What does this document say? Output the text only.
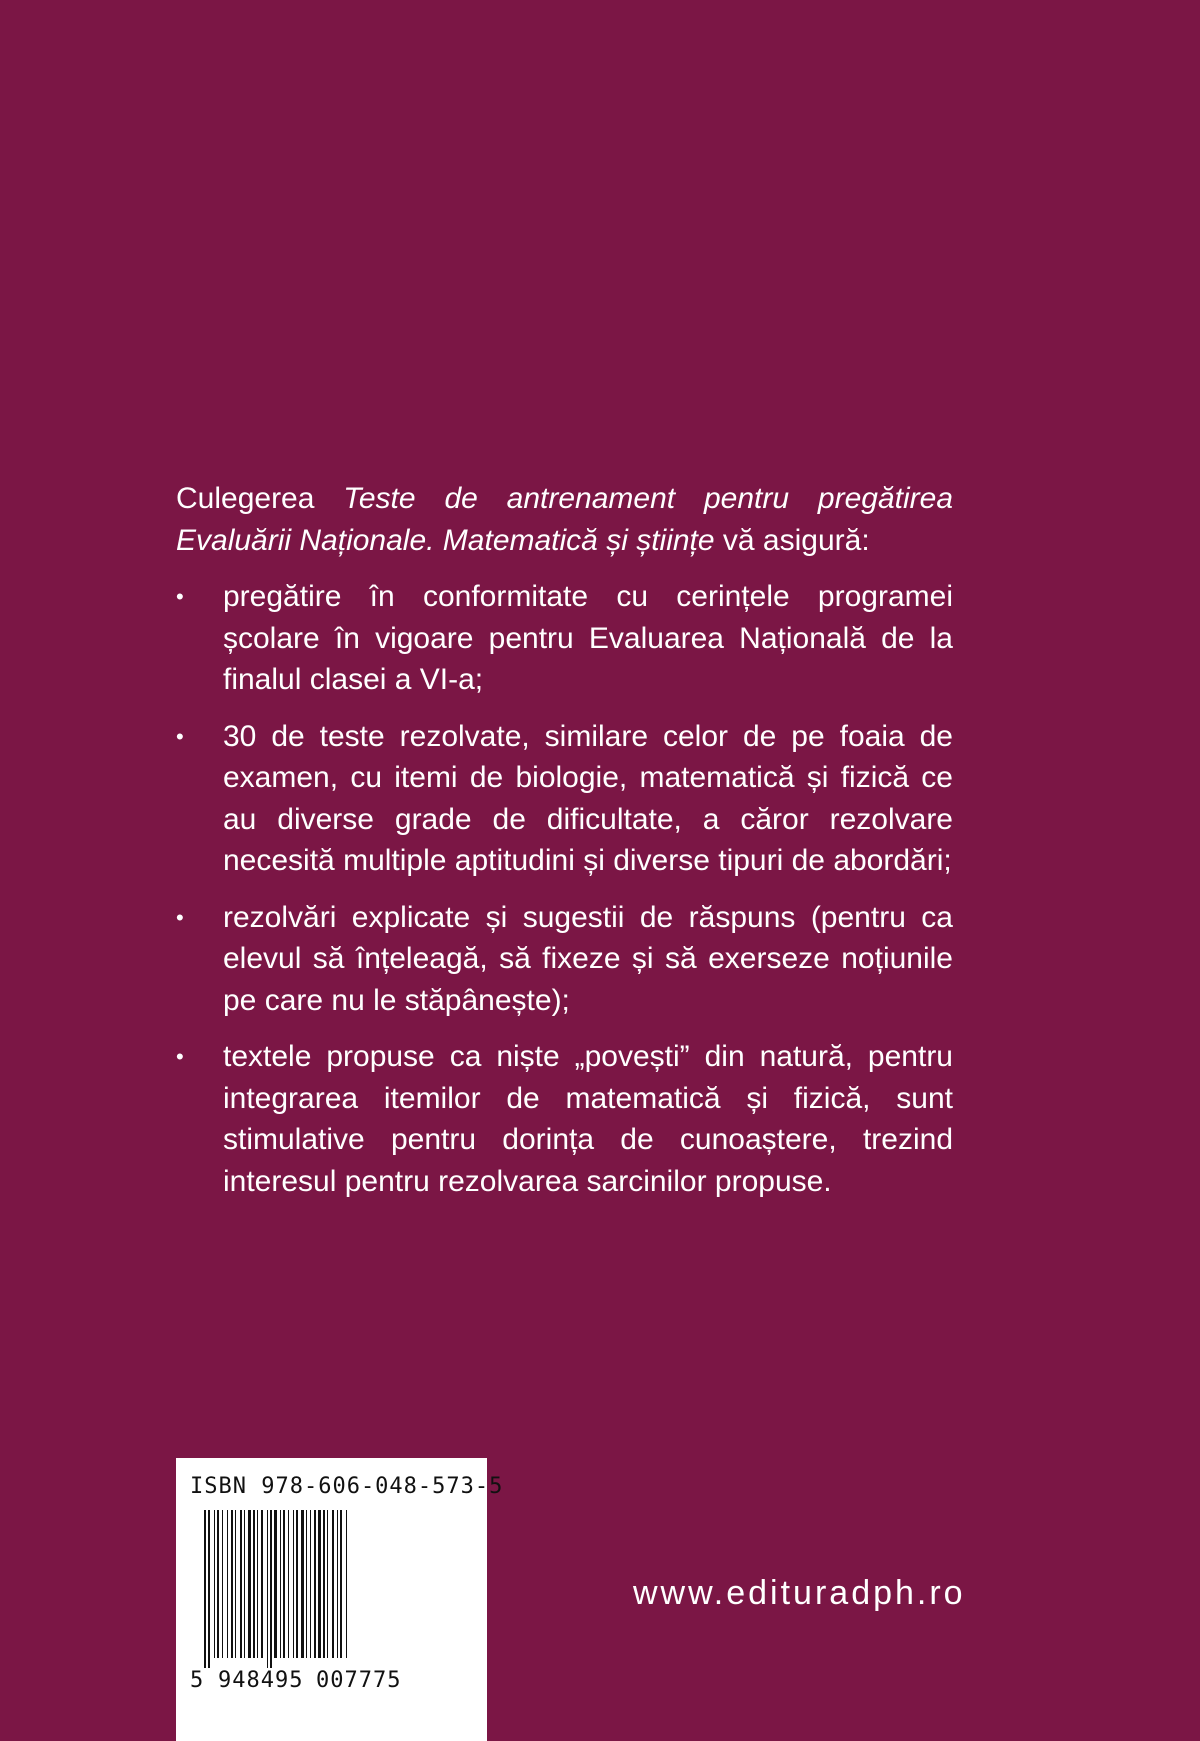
Culegerea Teste de antrenament pentru pregătirea Evaluării Naționale. Matematică și științe vă asigură:

• pregătire în conformitate cu cerințele programei școlare în vigoare pentru Evaluarea Națională de la finalul clasei a VI-a;
• 30 de teste rezolvate, similare celor de pe foaia de examen, cu itemi de biologie, matematică și fizică ce au diverse grade de dificultate, a căror rezolvare necesită multiple aptitudini și diverse tipuri de abordări;
• rezolvări explicate și sugestii de răspuns (pentru ca elevul să înțeleagă, să fixeze și să exerseze noțiunile pe care nu le stăpânește);
• textele propuse ca niște „povești” din natură, pentru integrarea itemilor de matematică și fizică, sunt stimulative pentru dorința de cunoaștere, trezind interesul pentru rezolvarea sarcinilor propuse.
ISBN 978-606-048-573-5
5 948495 007775
www.edituradph.ro
